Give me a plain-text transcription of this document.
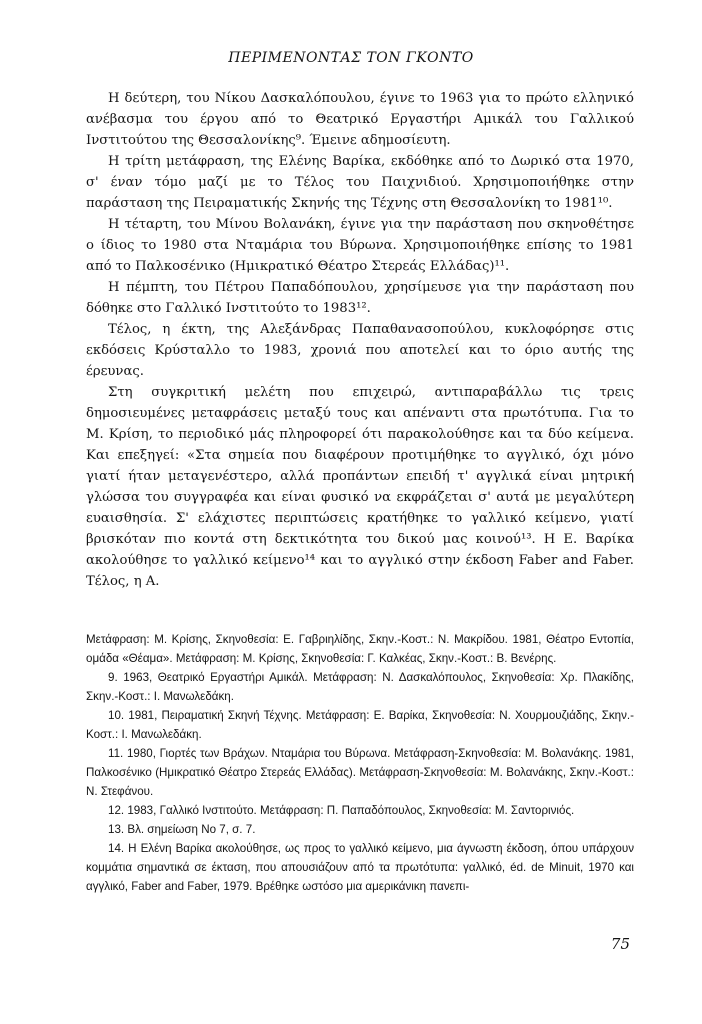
ΠΕΡΙΜΕΝΟΝΤΑΣ ΤΟΝ ΓΚΟΝΤΟ

Η δεύτερη, του Νίκου Δασκαλόπουλου, έγινε το 1963 για το πρώτο ελληνικό ανέβασμα του έργου από το Θεατρικό Εργαστήρι Αμικάλ του Γαλλικού Ινστιτούτου της Θεσσαλονίκης⁹. Έμεινε αδημοσίευτη.

Η τρίτη μετάφραση, της Ελένης Βαρίκα, εκδόθηκε από το Δωρικό στα 1970, σ' έναν τόμο μαζί με το Τέλος του Παιχνιδιού. Χρησιμοποιήθηκε στην παράσταση της Πειραματικής Σκηνής της Τέχνης στη Θεσσαλονίκη το 1981¹⁰.

Η τέταρτη, του Μίνου Βολανάκη, έγινε για την παράσταση που σκηνοθέτησε ο ίδιος το 1980 στα Νταμάρια του Βύρωνα. Χρησιμοποιήθηκε επίσης το 1981 από το Παλκοσένικο (Ημικρατικό Θέατρο Στερεάς Ελλάδας)¹¹.

Η πέμπτη, του Πέτρου Παπαδόπουλου, χρησίμευσε για την παράσταση που δόθηκε στο Γαλλικό Ινστιτούτο το 1983¹².

Τέλος, η έκτη, της Αλεξάνδρας Παπαθανασοπούλου, κυκλοφόρησε στις εκδόσεις Κρύσταλλο το 1983, χρονιά που αποτελεί και το όριο αυτής της έρευνας.

Στη συγκριτική μελέτη που επιχειρώ, αντιπαραβάλλω τις τρεις δημοσιευμένες μεταφράσεις μεταξύ τους και απέναντι στα πρωτότυπα. Για το Μ. Κρίση, το περιοδικό μάς πληροφορεί ότι παρακολούθησε και τα δύο κείμενα. Και επεξηγεί: «Στα σημεία που διαφέρουν προτιμήθηκε το αγγλικό, όχι μόνο γιατί ήταν μεταγενέστερο, αλλά προπάντων επειδή τ' αγγλικά είναι μητρική γλώσσα του συγγραφέα και είναι φυσικό να εκφράζεται σ' αυτά με μεγαλύτερη ευαισθησία. Σ' ελάχιστες περιπτώσεις κρατήθηκε το γαλλικό κείμενο, γιατί βρισκόταν πιο κοντά στη δεκτικότητα του δικού μας κοινού¹³. Η Ε. Βαρίκα ακολούθησε το γαλλικό κείμενο¹⁴ και το αγγλικό στην έκδοση Faber and Faber. Τέλος, η Α.

Μετάφραση: Μ. Κρίσης, Σκηνοθεσία: Ε. Γαβριηλίδης, Σκην.-Κοστ.: Ν. Μακρίδου. 1981, Θέατρο Εντοπία, ομάδα «Θέαμα». Μετάφραση: Μ. Κρίσης, Σκηνοθεσία: Γ. Καλκέας, Σκην.-Κοστ.: Β. Βενέρης.

9. 1963, Θεατρικό Εργαστήρι Αμικάλ. Μετάφραση: Ν. Δασκαλόπουλος, Σκηνοθεσία: Χρ. Πλακίδης, Σκην.-Κοστ.: Ι. Μανωλεδάκη.

10. 1981, Πειραματική Σκηνή Τέχνης. Μετάφραση: Ε. Βαρίκα, Σκηνοθεσία: Ν. Χουρμουζιάδης, Σκην.-Κοστ.: Ι. Μανωλεδάκη.

11. 1980, Γιορτές των Βράχων. Νταμάρια του Βύρωνα. Μετάφραση-Σκηνοθεσία: Μ. Βολανάκης. 1981, Παλκοσένικο (Ημικρατικό Θέατρο Στερεάς Ελλάδας). Μετάφραση-Σκηνοθεσία: Μ. Βολανάκης, Σκην.-Κοστ.: Ν. Στεφάνου.

12. 1983, Γαλλικό Ινστιτούτο. Μετάφραση: Π. Παπαδόπουλος, Σκηνοθεσία: Μ. Σαντορινιός.

13. Βλ. σημείωση Νο 7, σ. 7.

14. Η Ελένη Βαρίκα ακολούθησε, ως προς το γαλλικό κείμενο, μια άγνωστη έκδοση, όπου υπάρχουν κομμάτια σημαντικά σε έκταση, που απουσιάζουν από τα πρωτότυπα: γαλλικό, éd. de Minuit, 1970 και αγγλικό, Faber and Faber, 1979. Βρέθηκε ωστόσο μια αμερικάνικη πανεπι-

75
